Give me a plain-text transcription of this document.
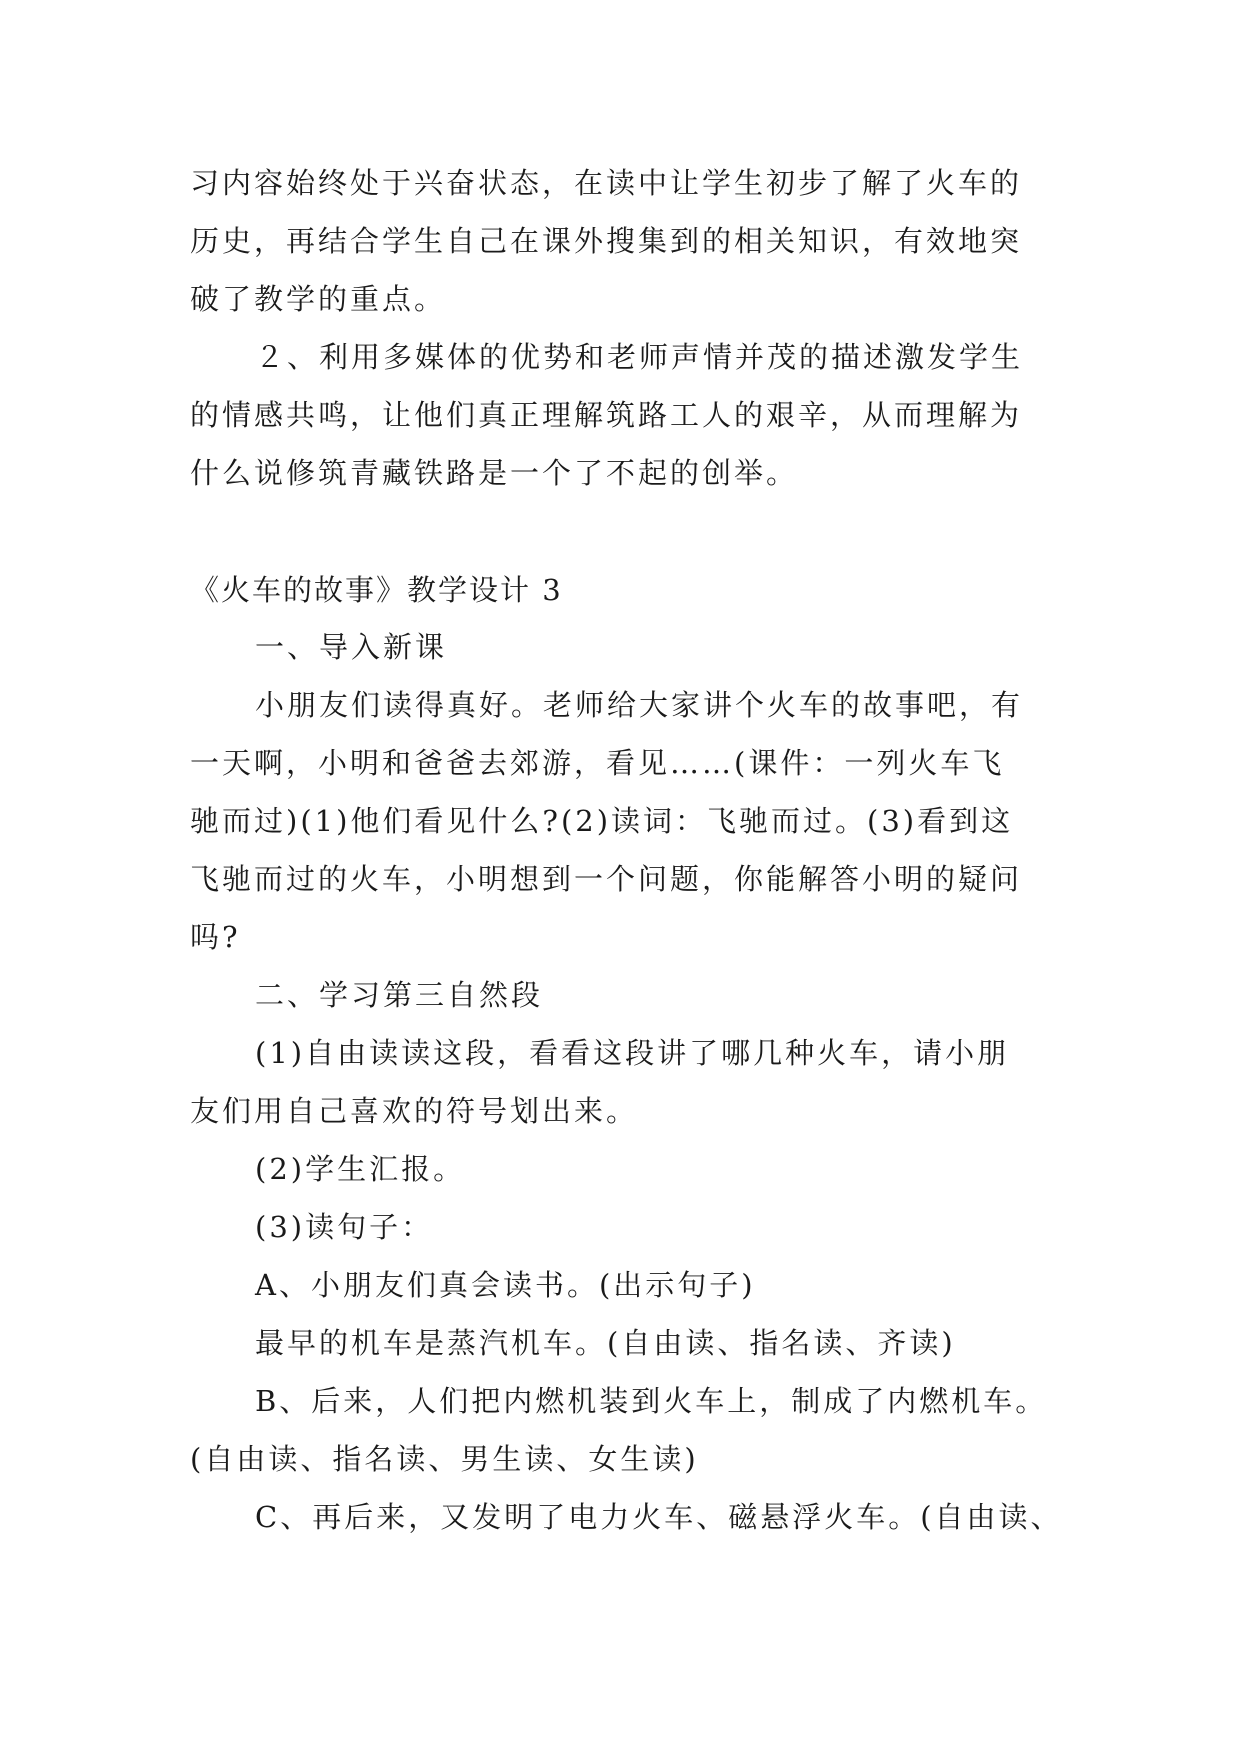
习内容始终处于兴奋状态，在读中让学生初步了解了火车的
历史，再结合学生自己在课外搜集到的相关知识，有效地突
破了教学的重点。
２、利用多媒体的优势和老师声情并茂的描述激发学生
的情感共鸣，让他们真正理解筑路工人的艰辛，从而理解为
什么说修筑青藏铁路是一个了不起的创举。
《火车的故事》教学设计 3
一、导入新课
小朋友们读得真好。老师给大家讲个火车的故事吧，有
一天啊，小明和爸爸去郊游，看见……(课件：一列火车飞
驰而过)(1)他们看见什么?(2)读词：飞驰而过。(3)看到这
飞驰而过的火车，小明想到一个问题，你能解答小明的疑问
吗?
二、学习第三自然段
(1)自由读读这段，看看这段讲了哪几种火车，请小朋
友们用自己喜欢的符号划出来。
(2)学生汇报。
(3)读句子：
A、小朋友们真会读书。(出示句子)
最早的机车是蒸汽机车。(自由读、指名读、齐读)
B、后来，人们把内燃机装到火车上，制成了内燃机车。
(自由读、指名读、男生读、女生读)
C、再后来，又发明了电力火车、磁悬浮火车。(自由读、
